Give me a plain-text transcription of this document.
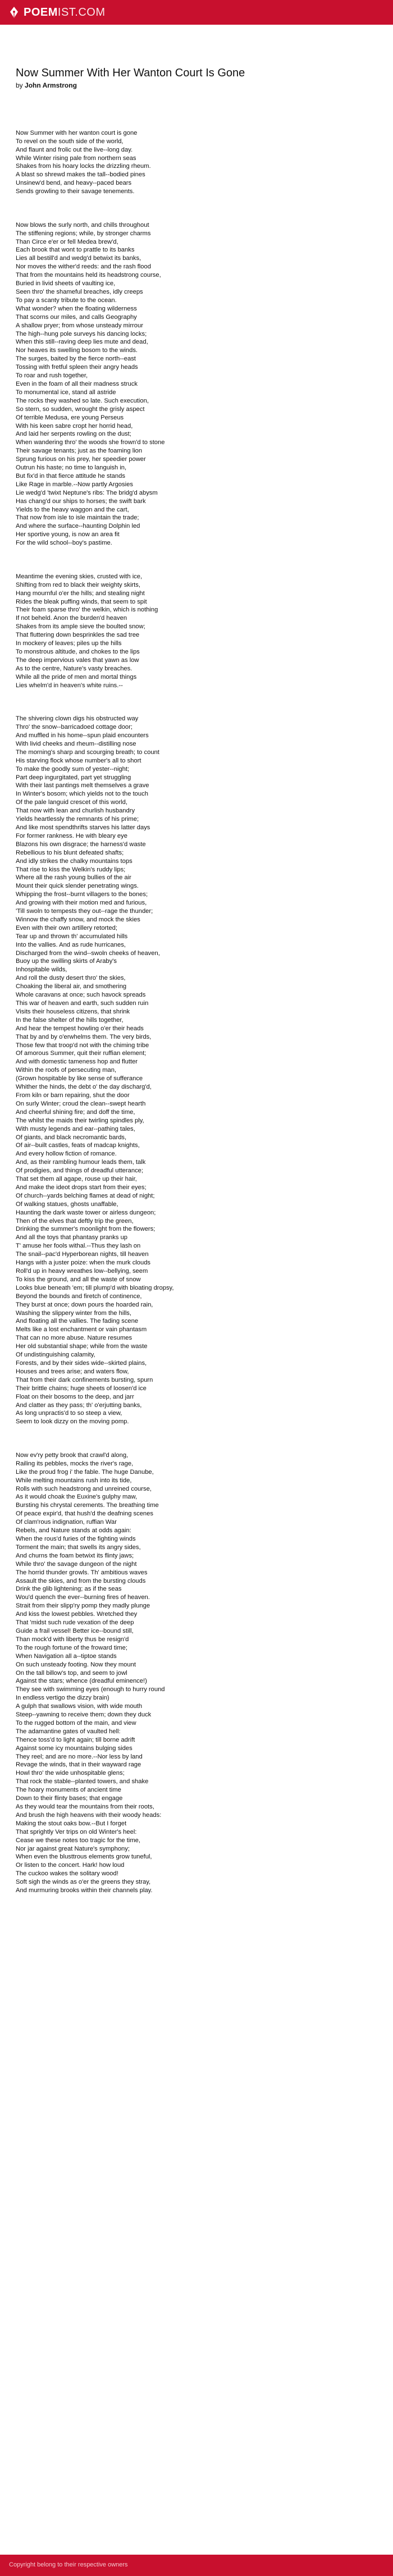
POEM IST.COM
Now Summer With Her Wanton Court Is Gone

by John Armstrong

Now Summer with her wanton court is gone
To revel on the south side of the world,
And flaunt and frolic out the live--long day.
While Winter rising pale from northern seas
Shakes from his hoary locks the drizzling rheum.
A blast so shrewd makes the tall--bodied pines
Unsinew'd bend, and heavy--paced bears
Sends growling to their savage tenements.

Now blows the surly north, and chills throughout
The stiffening regions; while, by stronger charms
Than Circe e'er or fell Medea brew'd,
Each brook that wont to prattle to its banks
Lies all bestill'd and wedg'd betwixt its banks,
Nor moves the wither'd reeds: and the rash flood
That from the mountains held its headstrong course,
Buried in livid sheets of vaulting ice,
Seen thro' the shameful breaches, idly creeps
To pay a scanty tribute to the ocean.
What wonder? when the floating wilderness
That scorns our miles, and calls Geography
A shallow pryer; from whose unsteady mirrour
The high--hung pole surveys his dancing locks;
When this still--raving deep lies mute and dead,
Nor heaves its swelling bosom to the winds.
The surges, baited by the fierce north--east
Tossing with fretful spleen their angry heads
To roar and rush together,
Even in the foam of all their madness struck
To monumental ice, stand all astride
The rocks they washed so late. Such execution,
So stern, so sudden, wrought the grisly aspect
Of terrible Medusa, ere young Perseus
With his keen sabre cropt her horrid head,
And laid her serpents rowling on the dust;
When wandering thro' the woods she frown'd to stone
Their savage tenants; just as the foaming lion
Sprung furious on his prey, her speedier power
Outrun his haste; no time to languish in,
But fix'd in that fierce attitude he stands
Like Rage in marble.--Now partly Argosies
Lie wedg'd 'twixt Neptune's ribs: The bridg'd abysm
Has chang'd our ships to horses; the swift bark
Yields to the heavy waggon and the cart,
That now from isle to isle maintain the trade;
And where the surface--haunting Dolphin led
Her sportive young, is now an area fit
For the wild school--boy's pastime.

Meantime the evening skies, crusted with ice,
Shifting from red to black their weighty skirts,
Hang mournful o'er the hills; and stealing night
Rides the bleak puffing winds, that seem to spit
Their foam sparse thro' the welkin, which is nothing
If not beheld. Anon the burden'd heaven
Shakes from its ample sieve the boulted snow;
That fluttering down besprinkles the sad tree
In mockery of leaves; piles up the hills
To monstrous altitude, and chokes to the lips
The deep impervious vales that yawn as low
As to the centre, Nature's vasty breaches.
While all the pride of men and mortal things
Lies whelm'd in heaven's white ruins.--

The shivering clown digs his obstructed way
Thro' the snow--barricadoed cottage door;
And muffled in his home--spun plaid encounters
With livid cheeks and rheum--distilling nose
The morning's sharp and scourging breath; to count
His starving flock whose number's all to short
To make the goodly sum of yester--night;
Part deep ingurgitated, part yet struggling
With their last pantings melt themselves a grave
In Winter's bosom; which yields not to the touch
Of the pale languid crescet of this world,
That now with lean and churlish husbandry
Yields heartlessly the remnants of his prime;
And like most spendthrifts starves his latter days
For former rankness. He with bleary eye
Blazons his own disgrace; the harness'd waste
Rebellious to his blunt defeated shafts;
And idly strikes the chalky mountains tops
That rise to kiss the Welkin's ruddy lips;
Where all the rash young bullies of the air
Mount their quick slender penetrating wings.
Whipping the frost--burnt villagers to the bones;
And growing with their motion med and furious,
'Till swoln to tempests they out--rage the thunder;
Winnow the chaffy snow, and mock the skies
Even with their own artillery retorted;
Tear up and thrown th' accumulated hills
Into the vallies. And as rude hurricanes,
Discharged from the wind--swoln cheeks of heaven,
Buoy up the swilling skirts of Araby's
Inhospitable wilds,
And roll the dusty desert thro' the skies,
Choaking the liberal air, and smothering
Whole caravans at once; such havock spreads
This war of heaven and earth, such sudden ruin
Visits their houseless citizens, that shrink
In the false shelter of the hills together,
And hear the tempest howling o'er their heads
That by and by o'erwhelms them. The very birds,
Those few that troop'd not with the chiming tribe
Of amorous Summer, quit their ruffian element;
And with domestic tameness hop and flutter
Within the roofs of persecuting man,
(Grown hospitable by like sense of sufferance
Whither the hinds, the debt o' the day discharg'd,
From kiln or barn repairing, shut the door
On surly Winter; croud the clean--swept hearth
And cheerful shining fire; and doff the time,
The whilst the maids their twirling spindles ply,
With musty legends and ear--pathing tales,
Of giants, and black necromantic bards,
Of air--built castles, feats of madcap knights,
And every hollow fiction of romance.
And, as their rambling humour leads them, talk
Of prodigies, and things of dreadful utterance;
That set them all agape, rouse up their hair,
And make the ideot drops start from their eyes;
Of church--yards belching flames at dead of night;
Of walking statues, ghosts unaffable,
Haunting the dark waste tower or airless dungeon;
Then of the elves that deftly trip the green,
Drinking the summer's moonlight from the flowers;
And all the toys that phantasy pranks up
T' amuse her fools withal.--Thus they lash on
The snail--pac'd Hyperborean nights, till heaven
Hangs with a juster poize: when the murk clouds
Roll'd up in heavy wreathes low--bellying, seem
To kiss the ground, and all the waste of snow
Looks blue beneath 'em; till plump'd with bloating dropsy,
Beyond the bounds and firetch of continence,
They burst at once; down pours the hoarded rain,
Washing the slippery winter from the hills,
And floating all the vallies. The fading scene
Melts like a lost enchantment or vain phantasm
That can no more abuse. Nature resumes
Her old substantial shape; while from the waste
Of undistinguishing calamity,
Forests, and by their sides wide--skirted plains,
Houses and trees arise; and waters flow,
That from their dark confinements bursting, spurn
Their brittle chains; huge sheets of loosen'd ice
Float on their bosoms to the deep, and jarr
And clatter as they pass; th' o'erjutting banks,
As long unpractis'd to so steep a view,
Seem to look dizzy on the moving pomp.

Now ev'ry petty brook that crawl'd along,
Railing its pebbles, mocks the river's rage,
Like the proud frog i' the fable. The huge Danube,
While melting mountains rush into its tide,
Rolls with such headstrong and unreined course,
As it would choak the Euxine's gulphy maw,
Bursting his chrystal cerements. The breathing time
Of peace expir'd, that hush'd the deafning scenes
Of clam'rous indignation, ruffian War
Rebels, and Nature stands at odds again:
When the rous'd furies of the fighting winds
Torment the main; that swells its angry sides,
And churns the foam betwixt its flinty jaws;
While thro' the savage dungeon of the night
The horrid thunder growls. Th' ambitious waves
Assault the skies, and from the bursting clouds
Drink the glib lightening; as if the seas
Wou'd quench the ever--burning fires of heaven.
Strait from their slipp'ry pomp they madly plunge
And kiss the lowest pebbles. Wretched they
That 'midst such rude vexation of the deep
Guide a frail vessel! Better ice--bound still,
Than mock'd with liberty thus be resign'd
To the rough fortune of the froward time;
When Navigation all a--tiptoe stands
On such unsteady footing. Now they mount
On the tall billow's top, and seem to jowl
Against the stars; whence (dreadful eminence!)
They see with swimming eyes (enough to hurry round
In endless vertigo the dizzy brain)
A gulph that swallows vision, with wide mouth
Steep--yawning to receive them; down they duck
To the rugged bottom of the main, and view
The adamantine gates of vaulted hell:
Thence toss'd to light again; till borne adrift
Against some icy mountains bulging sides
They reel; and are no more.--Nor less by land
Revage the winds, that in their wayward rage
Howl thro' the wide unhospitable glens;
That rock the stable--planted towers, and shake
The hoary monuments of ancient time
Down to their flinty bases; that engage
As they would tear the mountains from their roots,
And brush the high heavens with their woody heads:
Making the stout oaks bow.--But I forget
That sprightly Ver trips on old Winter's heel:
Cease we these notes too tragic for the time,
Nor jar against great Nature's symphony;
When even the blusttrous elements grow tuneful,
Or listen to the concert. Hark! how loud
The cuckoo wakes the solitary wood!
Soft sigh the winds as o'er the greens they stray,
And murmuring brooks within their channels play.

Copyright belong to their respective owners
